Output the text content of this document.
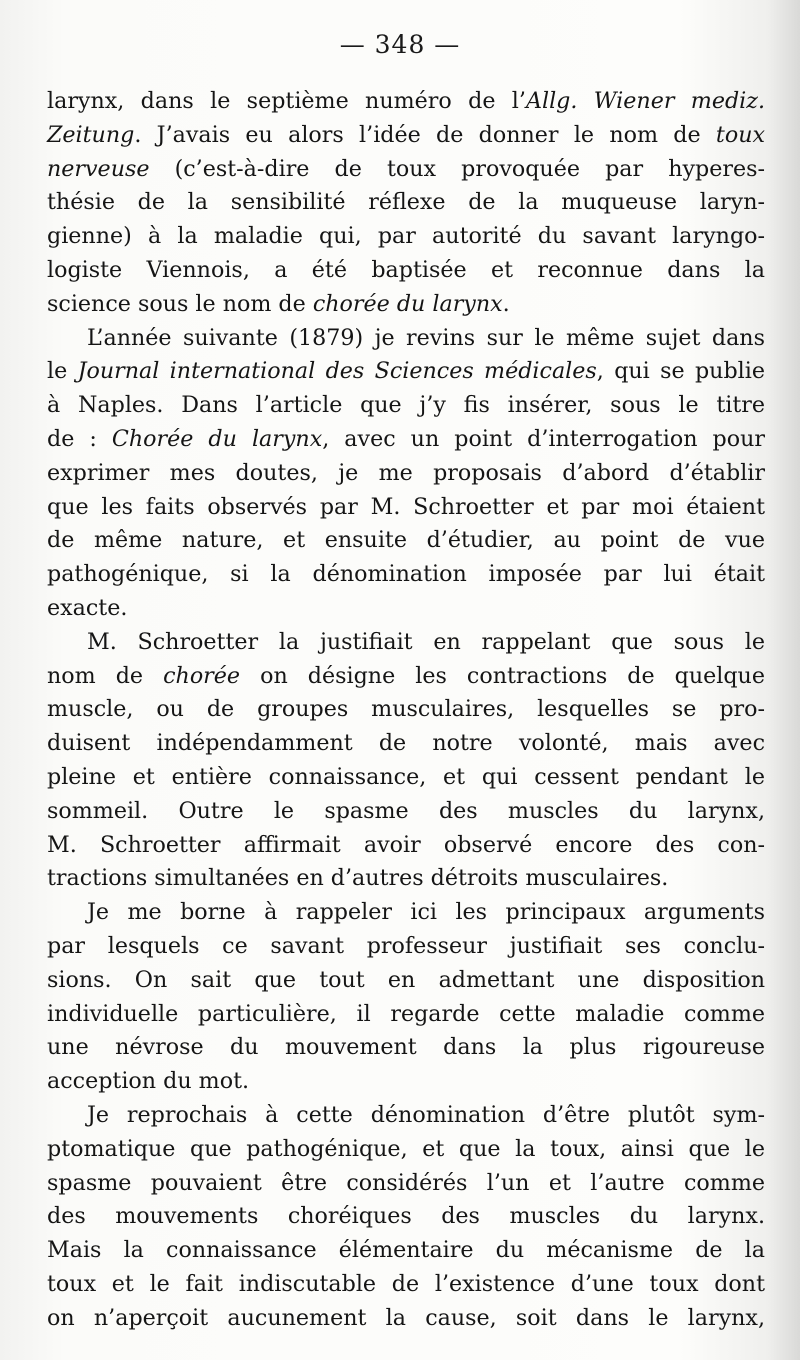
— 348 —
larynx, dans le septième numéro de l’Allg. Wiener mediz.
Zeitung. J’avais eu alors l’idée de donner le nom de toux
nerveuse (c’est-à-dire de toux provoquée par hyperes-
thésie de la sensibilité réflexe de la muqueuse laryn-
gienne) à la maladie qui, par autorité du savant laryngo-
logiste Viennois, a été baptisée et reconnue dans la
science sous le nom de chorée du larynx.
L’année suivante (1879) je revins sur le même sujet dans
le Journal international des Sciences médicales, qui se publie
à Naples. Dans l’article que j’y fis insérer, sous le titre
de : Chorée du larynx, avec un point d’interrogation pour
exprimer mes doutes, je me proposais d’abord d’établir
que les faits observés par M. Schroetter et par moi étaient
de même nature, et ensuite d’étudier, au point de vue
pathogénique, si la dénomination imposée par lui était
exacte.
M. Schroetter la justifiait en rappelant que sous le
nom de chorée on désigne les contractions de quelque
muscle, ou de groupes musculaires, lesquelles se pro-
duisent indépendamment de notre volonté, mais avec
pleine et entière connaissance, et qui cessent pendant le
sommeil. Outre le spasme des muscles du larynx,
M. Schroetter affirmait avoir observé encore des con-
tractions simultanées en d’autres détroits musculaires.
Je me borne à rappeler ici les principaux arguments
par lesquels ce savant professeur justifiait ses conclu-
sions. On sait que tout en admettant une disposition
individuelle particulière, il regarde cette maladie comme
une névrose du mouvement dans la plus rigoureuse
acception du mot.
Je reprochais à cette dénomination d’être plutôt sym-
ptomatique que pathogénique, et que la toux, ainsi que le
spasme pouvaient être considérés l’un et l’autre comme
des mouvements choréiques des muscles du larynx.
Mais la connaissance élémentaire du mécanisme de la
toux et le fait indiscutable de l’existence d’une toux dont
on n’aperçoit aucunement la cause, soit dans le larynx,
